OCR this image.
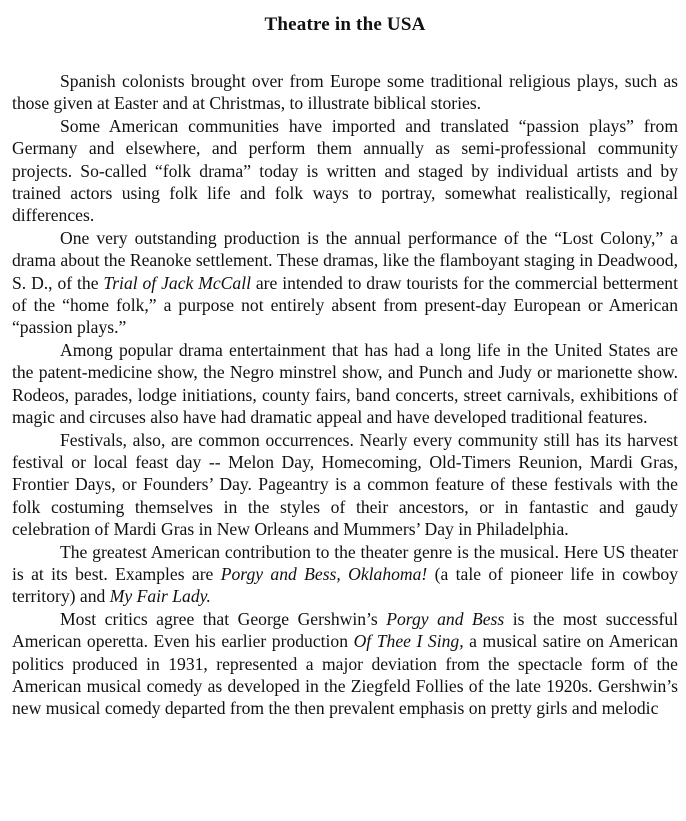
Theatre in the USA

Spanish colonists brought over from Europe some traditional religious plays, such as those given at Easter and at Christmas, to illustrate biblical stories.

Some American communities have imported and translated “passion plays” from Germany and elsewhere, and perform them annually as semi-professional community projects. So-called “folk drama” today is written and staged by individual artists and by trained actors using folk life and folk ways to portray, somewhat realistically, regional differences.

One very outstanding production is the annual performance of the “Lost Colony,” a drama about the Reanoke settlement. These dramas, like the flamboyant staging in Deadwood, S. D., of the Trial of Jack McCall are intended to draw tourists for the commercial betterment of the “home folk,” a purpose not entirely absent from present-day European or American “passion plays.”

Among popular drama entertainment that has had a long life in the United States are the patent-medicine show, the Negro minstrel show, and Punch and Judy or marionette show. Rodeos, parades, lodge initiations, county fairs, band concerts, street carnivals, exhibitions of magic and circuses also have had dramatic appeal and have developed traditional features.

Festivals, also, are common occurrences. Nearly every community still has its harvest festival or local feast day -- Melon Day, Homecoming, Old-Timers Reunion, Mardi Gras, Frontier Days, or Founders’ Day. Pageantry is a common feature of these festivals with the folk costuming themselves in the styles of their ancestors, or in fantastic and gaudy celebration of Mardi Gras in New Orleans and Mummers’ Day in Philadelphia.

The greatest American contribution to the theater genre is the musical. Here US theater is at its best. Examples are Porgy and Bess, Oklahoma! (a tale of pioneer life in cowboy territory) and My Fair Lady.

Most critics agree that George Gershwin’s Porgy and Bess is the most successful American operetta. Even his earlier production Of Thee I Sing, a musical satire on American politics produced in 1931, represented a major deviation from the spectacle form of the American musical comedy as developed in the Ziegfeld Follies of the late 1920s. Gershwin’s new musical comedy departed from the then prevalent emphasis on pretty girls and melodic
